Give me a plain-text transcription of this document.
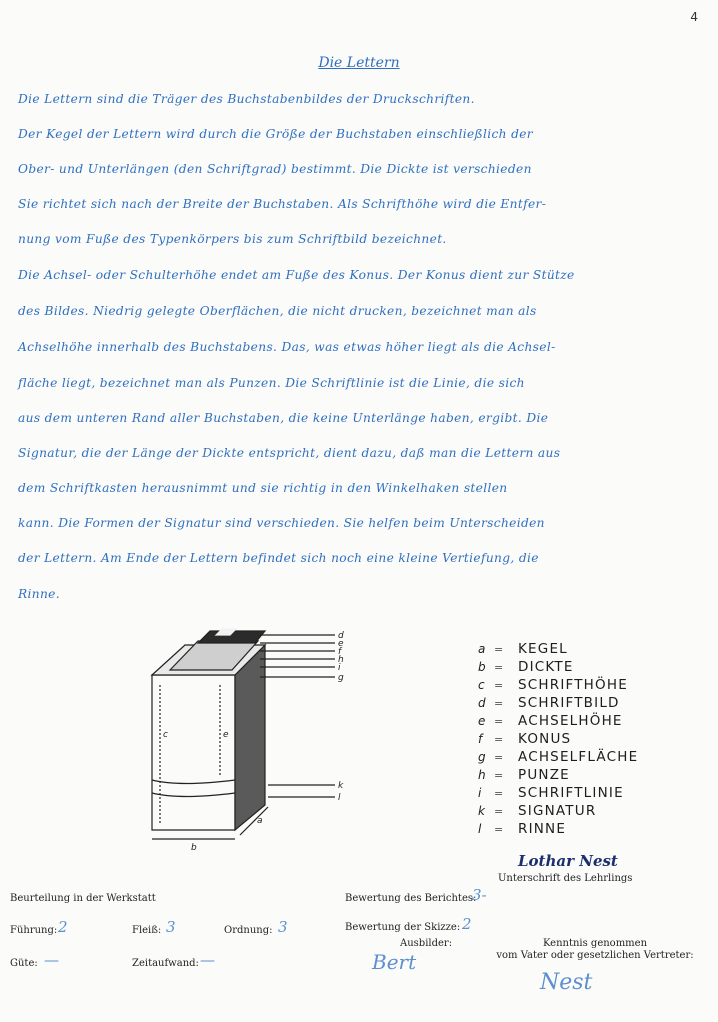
4
Die Lettern
Die Lettern sind die Träger des Buchstabenbildes der Druckschriften.
Der Kegel der Lettern wird durch die Größe der Buchstaben einschließlich der
Ober- und Unterlängen (den Schriftgrad) bestimmt. Die Dickte ist verschieden
Sie richtet sich nach der Breite der Buchstaben. Als Schrifthöhe wird die Entfer-
nung vom Fuße des Typenkörpers bis zum Schriftbild bezeichnet.
Die Achsel- oder Schulterhöhe endet am Fuße des Konus. Der Konus dient zur Stütze
des Bildes. Niedrig gelegte Oberflächen, die nicht drucken, bezeichnet man als
Achselhöhe innerhalb des Buchstabens. Das, was etwas höher liegt als die Achsel-
fläche liegt, bezeichnet man als Punzen. Die Schriftlinie ist die Linie, die sich
aus dem unteren Rand aller Buchstaben, die keine Unterlänge haben, ergibt. Die
Signatur, die der Länge der Dickte entspricht, dient dazu, daß man die Lettern aus
dem Schriftkasten herausnimmt und sie richtig in den Winkelhaken stellen
kann. Die Formen der Signatur sind verschieden. Sie helfen beim Unterscheiden
der Lettern. Am Ende der Lettern befindet sich noch eine kleine Vertiefung, die
Rinne.
d
e
f
h
i
g
k
l
c	e
b
a
a =	KEGEL
b =	DICKTE
c =	SCHRIFTHÖHE
d =	SCHRIFTBILD
e =	ACHSELHÖHE
f	=	KONUS
g =	ACHSELFLÄCHE
h =	PUNZE
i	=	SCHRIFTLINIE
k =	SIGNATUR
l	=	RINNE
Lothar Nest
Unterschrift des Lehrlings
Beurteilung in der Werkstatt
Führung: 2	Fleiß: 3	Ordnung: 3
Güte: —	Zeitaufwand: —
Bewertung des Berichtes:
3-
Bewertung der Skizze: 2
Ausbilder:
Bert
Kenntnis genommen
vom Vater oder gesetzlichen Vertreter:
Nest
